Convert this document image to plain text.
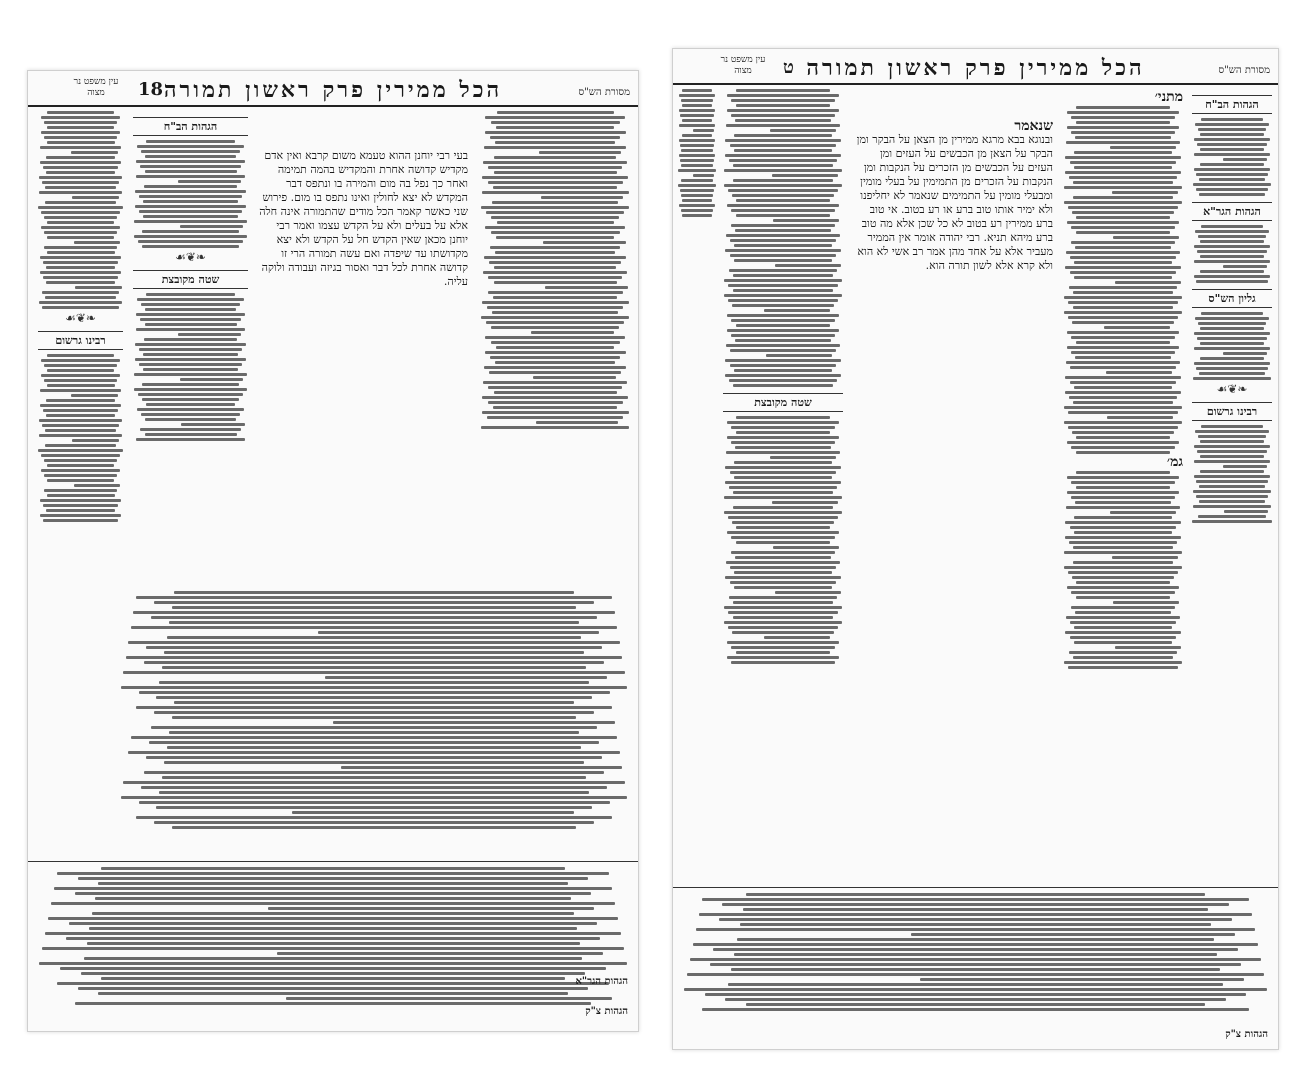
הכל ממירין פרק ראשון תמורה
18	מסורת הש"ס
עין משפט נר מצוה
בעי רבי יוחנן ההוא טעמא משום קרבא ואין אדם מקדיש קדושה אחרת והמקדיש בהמה תמימה ואחר כך נפל בה מום והמירה בו ונתפס דבר המקדש לא יצא לחולין ואינו נתפס בו מום. פירוש שני כאשר קאמר הכל מודים שהתמורה אינה חלה אלא על בעלים ולא על הקדש עצמו ואמר רבי יוחנן מכאן שאין הקדש חל על הקדש ולא יצא מקדושתו עד שיפדה ואם עשה תמורה הרי זו קדושה אחרת לכל דבר ואסור בגיזה ועבודה ולוקה עליה.
הגהות הב"ח
❧❦☙
שטה מקובצת
❧❦☙
רבינו גרשום
הגהות הגר"א
הגהות צ"ק
הכל ממירין פרק ראשון תמורה
ט	מסורת הש"ס
עין משפט נר מצוה
הגהות הב"ח
הגהות הגר"א
גליון הש"ס
❧❦☙
רבינו גרשום
מתני׳
גמ׳
שנאמר
ובנוגא בבא מרגא ממירין מן הצאן על הבקר ומן הבקר על הצאן מן הכבשים על העזים ומן העזים על הכבשים מן הזכרים על הנקבות ומן הנקבות על הזכרים מן התמימין על בעלי מומין ומבעלי מומין על התמימים שנאמר לא יחליפנו ולא ימיר אותו טוב ברע או רע בטוב. אי טוב ברע ממירין רע בטוב לא כל שכן אלא מה טוב ברע מיהא תניא. רבי יהודה אומר אין הממיר מעביר אלא על אחד מהן אמר רב אשי לא הוא ולא קרא אלא לשון תורה הוא.
שטה מקובצת
הגהות צ"ק
